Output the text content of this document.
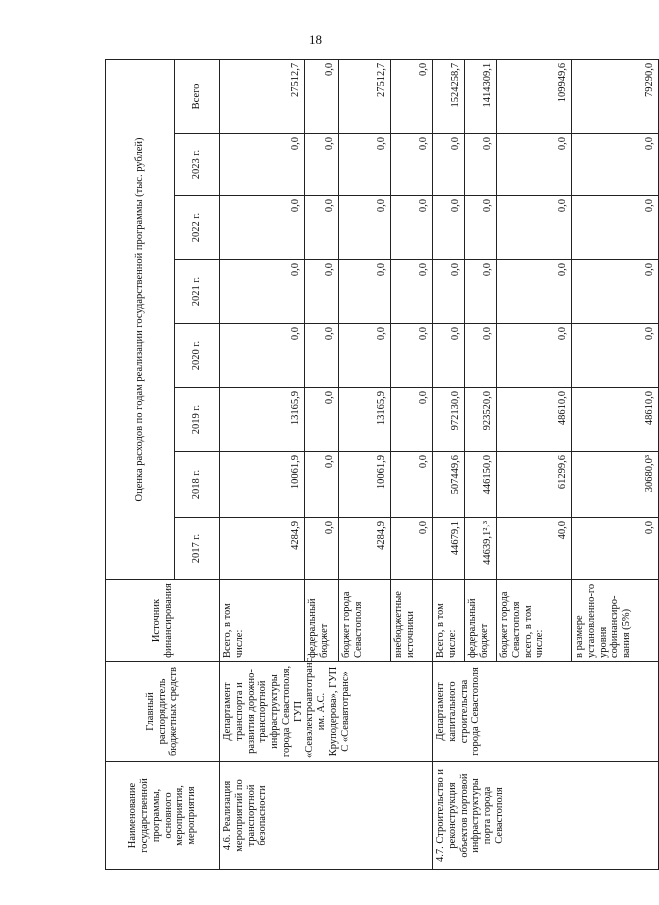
18
Наименование государственной программы, основного мероприятия, мероприятия	Главный распорядитель бюджетных средств	Источник финансирования	Оценка расходов по годам реализации государственной программы (тыс. рублей)							
			2017 г.	2018 г.	2019 г.	2020 г.	2021 г.	2022 г.	2023 г.	Всего
4.6. Реализация мероприятий по транспортной безопасности	Департамент транспорта и развития дорожно-транспортной инфраструктуры города Севастополя, ГУП «Севэлектроавтотранс им. А.С. Круподерова», ГУП С «Севавтотранс»	Всего, в том числе:	4284,9	10061,9	13165,9	0,0	0,0	0,0	0,0	27512,7
		федеральный бюджет	0,0	0,0	0,0	0,0	0,0	0,0	0,0	0,0
		бюджет города Севастополя	4284,9	10061,9	13165,9	0,0	0,0	0,0	0,0	27512,7
		внебюджетные источники	0,0	0,0	0,0	0,0	0,0	0,0	0,0	0,0
4.7. Строительство и реконструкция объектов портовой инфраструктуры порта города Севастополя	Департамент капитального строительства города Севастополя	Всего, в том числе:	44679,1	507449,6	972130,0	0,0	0,0	0,0	0,0	1524258,7
		федеральный бюджет	44639,1²˒³	446150,0	923520,0	0,0	0,0	0,0	0,0	1414309,1
		бюджет города Севастополя всего, в том числе:	40,0	61299,6	48610,0	0,0	0,0	0,0	0,0	109949,6
		в размере установленно-го уровня софинансиро-вания (5%)	0,0	30680,0³	48610,0	0,0	0,0	0,0	0,0	79290,0
